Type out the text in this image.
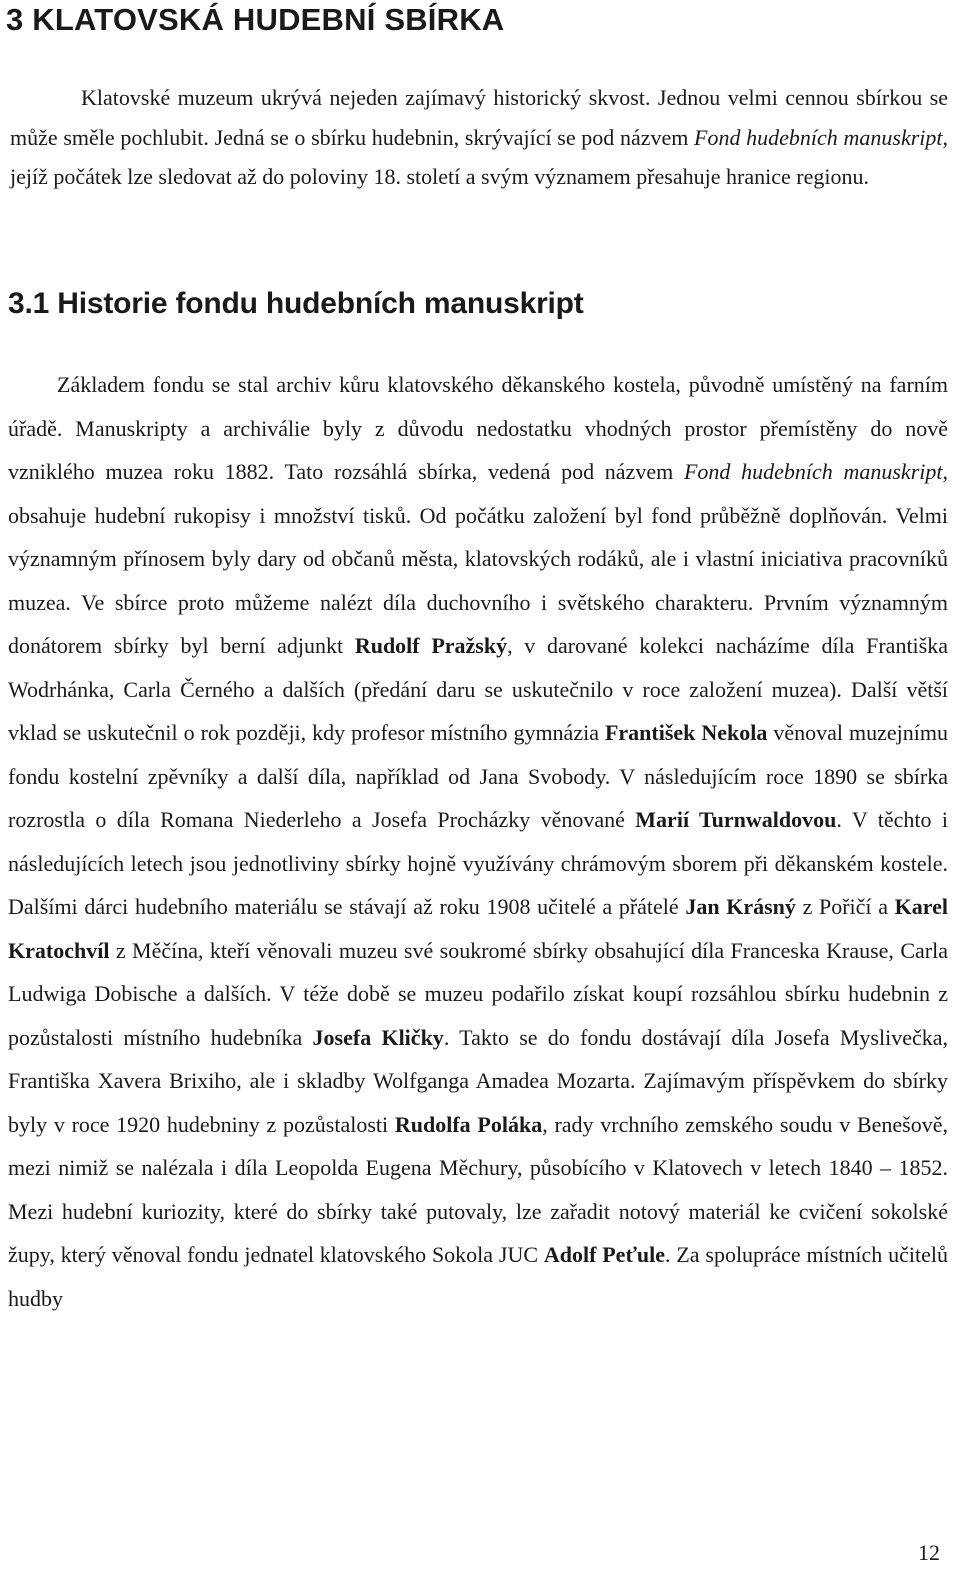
3 KLATOVSKÁ HUDEBNÍ SBÍRKA

Klatovské muzeum ukrývá nejeden zajímavý historický skvost. Jednou velmi cennou sbírkou se může směle pochlubit. Jedná se o sbírku hudebnin, skrývající se pod názvem Fond hudebních manuskript, jejíž počátek lze sledovat až do poloviny 18. století a svým významem přesahuje hranice regionu.

3.1 Historie fondu hudebních manuskript

Základem fondu se stal archiv kůru klatovského děkanského kostela, původně umístěný na farním úřadě. Manuskripty a archiválie byly z důvodu nedostatku vhodných prostor přemístěny do nově vzniklého muzea roku 1882. Tato rozsáhlá sbírka, vedená pod názvem Fond hudebních manuskript, obsahuje hudební rukopisy i množství tisků. Od počátku založení byl fond průběžně doplňován. Velmi významným přínosem byly dary od občanů města, klatovských rodáků, ale i vlastní iniciativa pracovníků muzea. Ve sbírce proto můžeme nalézt díla duchovního i světského charakteru. Prvním významným donátorem sbírky byl berní adjunkt Rudolf Pražský, v darované kolekci nacházíme díla Františka Wodrhánka, Carla Černého a dalších (předání daru se uskutečnilo v roce založení muzea). Další větší vklad se uskutečnil o rok později, kdy profesor místního gymnázia František Nekola věnoval muzejnímu fondu kostelní zpěvníky a další díla, například od Jana Svobody. V následujícím roce 1890 se sbírka rozrostla o díla Romana Niederleho a Josefa Procházky věnované Marií Turnwaldovou. V těchto i následujících letech jsou jednotliviny sbírky hojně využívány chrámovým sborem při děkanském kostele. Dalšími dárci hudebního materiálu se stávají až roku 1908 učitelé a přátelé Jan Krásný z Pořičí a Karel Kratochvíl z Měčína, kteří věnovali muzeu své soukromé sbírky obsahující díla Franceska Krause, Carla Ludwiga Dobische a dalších. V téže době se muzeu podařilo získat koupí rozsáhlou sbírku hudebnin z pozůstalosti místního hudebníka Josefa Kličky. Takto se do fondu dostávají díla Josefa Myslivečka, Františka Xavera Brixiho, ale i skladby Wolfganga Amadea Mozarta. Zajímavým příspěvkem do sbírky byly v roce 1920 hudebniny z pozůstalosti Rudolfa Poláka, rady vrchního zemského soudu v Benešově, mezi nimiž se nalézala i díla Leopolda Eugena Měchury, působícího v Klatovech v letech 1840 – 1852. Mezi hudební kuriozity, které do sbírky také putovaly, lze zařadit notový materiál ke cvičení sokolské župy, který věnoval fondu jednatel klatovského Sokola JUC Adolf Peťule. Za spolupráce místních učitelů hudby

12
